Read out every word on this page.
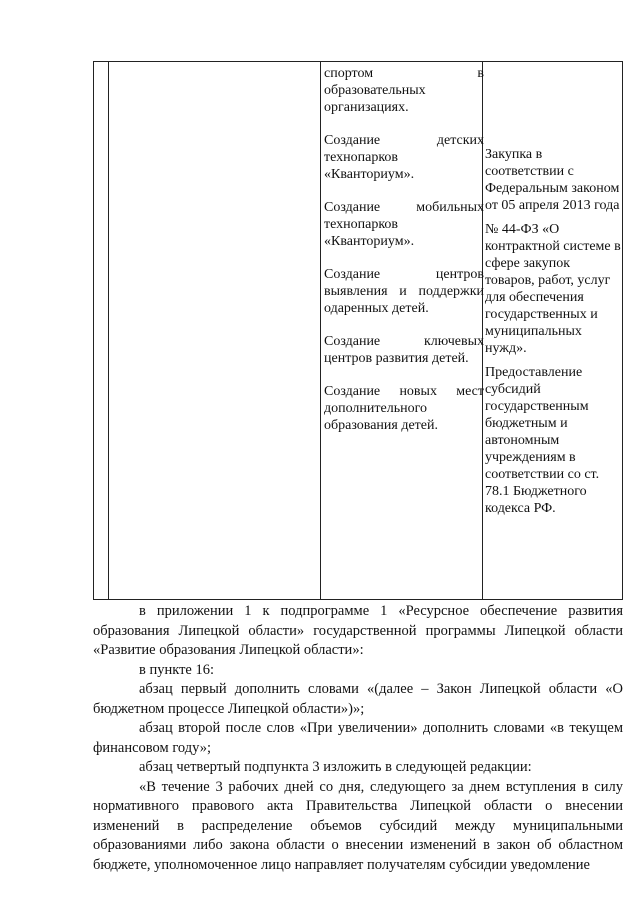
спортом в образовательных организациях.

Создание детских технопарков «Кванториум».

Создание мобильных технопарков «Кванториум».

Создание центров выявления и поддержки одаренных детей.

Создание ключевых центров развития детей.

Создание новых мест дополнительного образования детей.

Закупка в соответствии с Федеральным законом от 05 апреля 2013 года

№ 44-ФЗ «О контрактной системе в сфере закупок товаров, работ, услуг для обеспечения государственных и муниципальных нужд».

Предоставление субсидий государственным бюджетным и автономным учреждениям в соответствии со ст. 78.1 Бюджетного кодекса РФ.

в приложении 1 к подпрограмме 1 «Ресурсное обеспечение развития образования Липецкой области» государственной программы Липецкой области «Развитие образования Липецкой области»:

в пункте 16:

абзац первый дополнить словами «(далее – Закон Липецкой области «О бюджетном процессе Липецкой области»)»;

абзац второй после слов «При увеличении» дополнить словами «в текущем финансовом году»;

абзац четвертый подпункта 3 изложить в следующей редакции:

«В течение 3 рабочих дней со дня, следующего за днем вступления в силу нормативного правового акта Правительства Липецкой области о внесении изменений в распределение объемов субсидий между муниципальными образованиями либо закона области о внесении изменений в закон об областном бюджете, уполномоченное лицо направляет получателям субсидии уведомление
